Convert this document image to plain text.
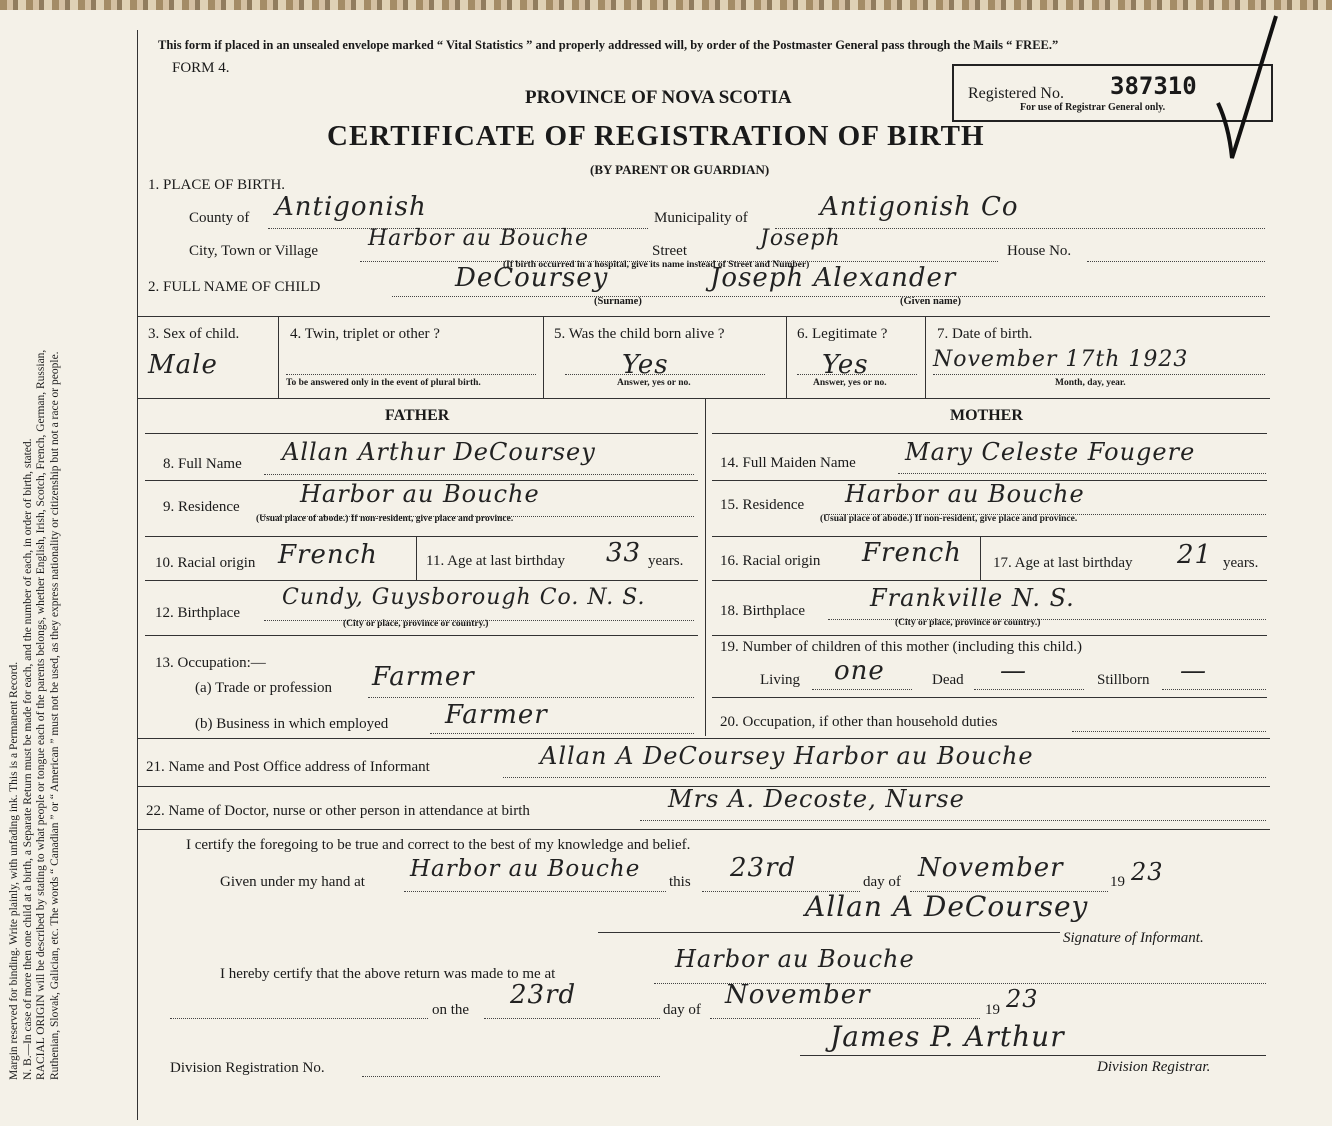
Margin reserved for binding. Write plainly, with unfading ink. This is a Permanent Record. N. B.—In case of more then one child at a birth, a Separate Return must be made for each, and the number of each, in order of birth, stated. RACIAL ORIGIN will be described by stating to what people or tongue each of the parents belongs, whether English, Irish, Scotch, French, German, Russian, Ruthenian, Slovak, Galician, etc. The words “ Canadian ” or “ American ” must not be used, as they express nationality or citizenship but not a race or people.
This form if placed in an unsealed envelope marked “ Vital Statistics ” and properly addressed will, by order of the Postmaster General pass through the Mails “ FREE.”
FORM 4.
PROVINCE OF NOVA SCOTIA
CERTIFICATE OF REGISTRATION OF BIRTH
(BY PARENT OR GUARDIAN)
Registered No. 387310
For use of Registrar General only.
1. PLACE OF BIRTH.
County of Antigonish	Municipality of	Antigonish Co
City, Town or Village Harbor au Bouche	Street	Joseph	House No.
(If birth occurred in a hospital, give its name instead of Street and Number)
2. FULL NAME OF CHILD	DeCoursey	Joseph Alexander
(Surname)	(Given name)
3. Sex of child.
Male
4. Twin, triplet or other ?
To be answered only in the event of plural birth.
5. Was the child born alive ?
Yes
Answer, yes or no.
6. Legitimate ?
Yes
Answer, yes or no.
7. Date of birth.
November 17th 1923
Month, day, year.
FATHER	MOTHER
8. Full Name Allan Arthur DeCoursey
9. Residence	Harbor au Bouche
(Usual place of abode.) If non-resident, give place and province.
10. Racial origin French	11. Age at last birthday 33 years.
12. Birthplace
Cundy, Guysborough Co. N. S.
(City or place, province or country.)
13. Occupation:—
(a) Trade or profession Farmer
(b) Business in which employed Farmer
14. Full Maiden Name Mary Celeste Fougere
15. Residence Harbor au Bouche
(Usual place of abode.) If non-resident, give place and province.
16. Racial origin French 17. Age at last birthday 21 years.
18. Birthplace	Frankville N. S.
(City or place, province or country.)
19. Number of children of this mother (including this child.)
Living one	Dead —	Stillborn —
20. Occupation, if other than household duties
21. Name and Post Office address of Informant	Allan A DeCoursey Harbor au Bouche
22. Name of Doctor, nurse or other person in attendance at birth	Mrs A. Decoste, Nurse
I certify the foregoing to be true and correct to the best of my knowledge and belief.
Given under my hand at Harbor au Bouche this 23rd	day of November	19 23
Allan A DeCoursey
Signature of Informant.
I hereby certify that the above return was made to me at
Harbor au Bouche
on the 23rd	day of November	19 23
Division Registration No.
James P. Arthur
Division Registrar.
